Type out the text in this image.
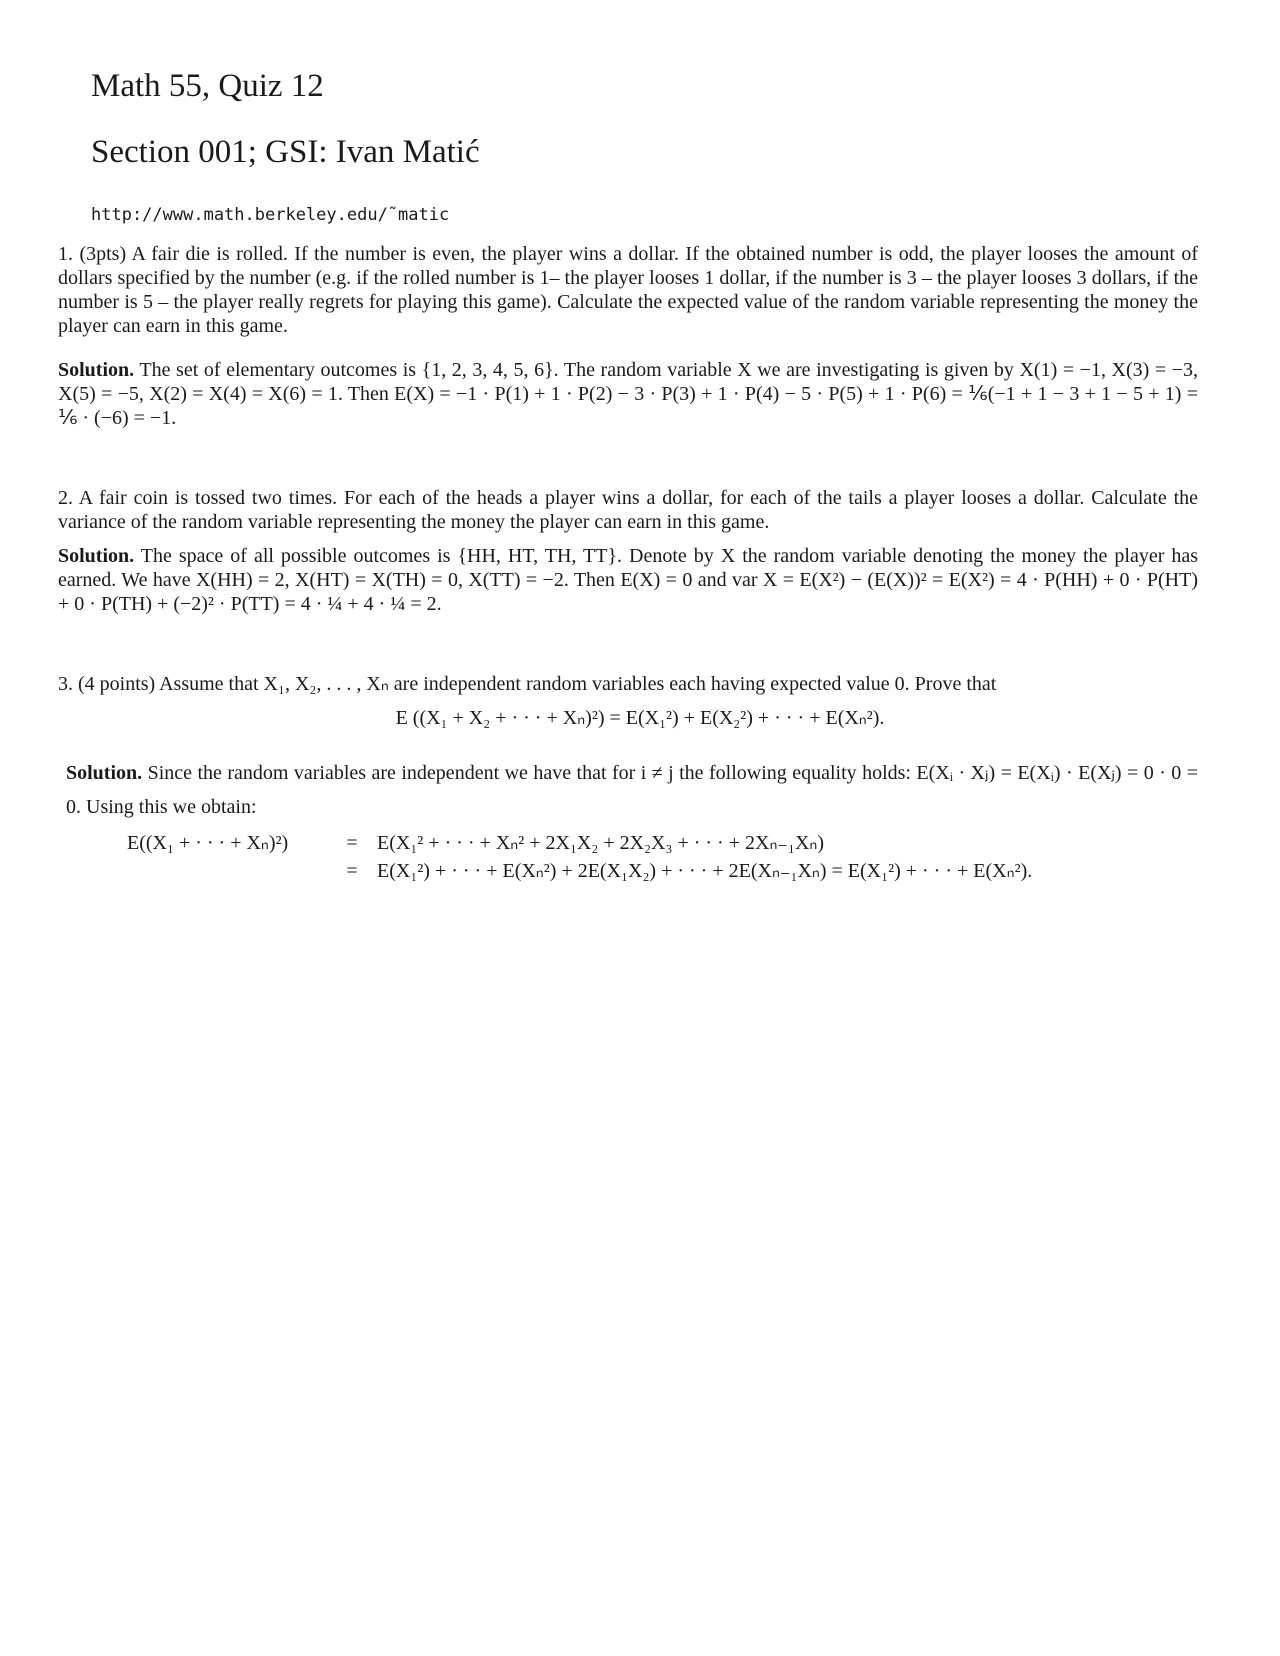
Math 55, Quiz 12
Section 001; GSI: Ivan Matić
http://www.math.berkeley.edu/˜matic
1. (3pts) A fair die is rolled. If the number is even, the player wins a dollar. If the obtained number is odd, the player looses the amount of dollars specified by the number (e.g. if the rolled number is 1– the player looses 1 dollar, if the number is 3 – the player looses 3 dollars, if the number is 5 – the player really regrets for playing this game). Calculate the expected value of the random variable representing the money the player can earn in this game.
Solution. The set of elementary outcomes is {1, 2, 3, 4, 5, 6}. The random variable X we are investigating is given by X(1) = −1, X(3) = −3, X(5) = −5, X(2) = X(4) = X(6) = 1. Then E(X) = −1 · P(1) + 1 · P(2) − 3 · P(3) + 1 · P(4) − 5 · P(5) + 1 · P(6) = ⅙(−1 + 1 − 3 + 1 − 5 + 1) = ⅙ · (−6) = −1.
2. A fair coin is tossed two times. For each of the heads a player wins a dollar, for each of the tails a player looses a dollar. Calculate the variance of the random variable representing the money the player can earn in this game.
Solution. The space of all possible outcomes is {HH, HT, TH, TT}. Denote by X the random variable denoting the money the player has earned. We have X(HH) = 2, X(HT) = X(TH) = 0, X(TT) = −2. Then E(X) = 0 and var X = E(X²) − (E(X))² = E(X²) = 4 · P(HH) + 0 · P(HT) + 0 · P(TH) + (−2)² · P(TT) = 4 · ¼ + 4 · ¼ = 2.
3. (4 points) Assume that X₁, X₂, . . . , Xₙ are independent random variables each having expected value 0. Prove that
E ((X₁ + X₂ + · · · + Xₙ)²) = E(X₁²) + E(X₂²) + · · · + E(Xₙ²).
Solution. Since the random variables are independent we have that for i ≠ j the following equality holds: E(Xᵢ · Xⱼ) = E(Xᵢ) · E(Xⱼ) = 0 · 0 = 0. Using this we obtain:
E((X₁ + · · · + Xₙ)²)	= E(X₁² + · · · + Xₙ² + 2X₁X₂ + 2X₂X₃ + · · · + 2Xₙ₋₁Xₙ)
= E(X₁²) + · · · + E(Xₙ²) + 2E(X₁X₂) + · · · + 2E(Xₙ₋₁Xₙ) = E(X₁²) + · · · + E(Xₙ²).
